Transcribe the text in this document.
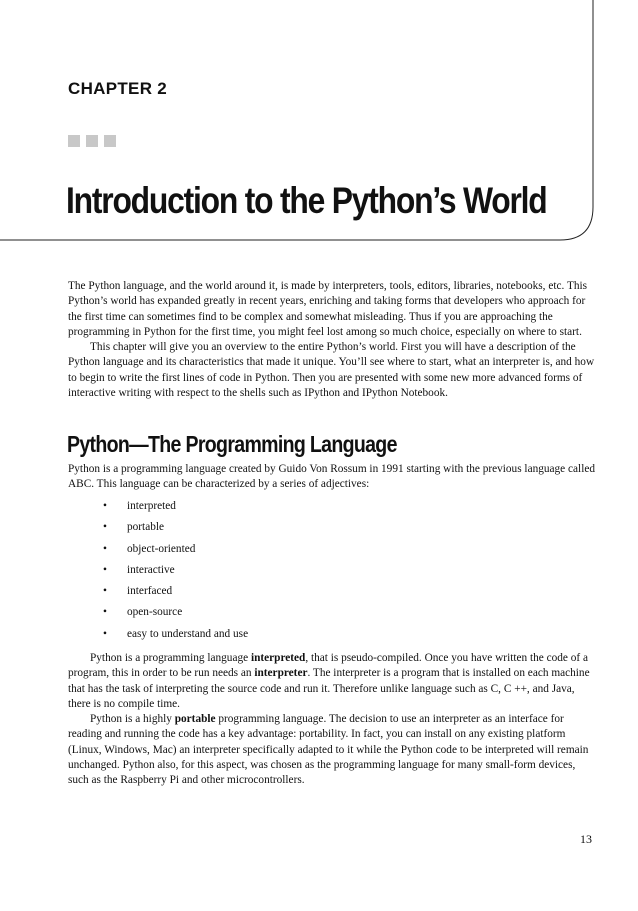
CHAPTER 2
Introduction to the Python’s World

The Python language, and the world around it, is made by interpreters, tools, editors, libraries, notebooks, etc. This Python’s world has expanded greatly in recent years, enriching and taking forms that developers who approach for the first time can sometimes find to be complex and somewhat misleading. Thus if you are approaching the programming in Python for the first time, you might feel lost among so much choice, especially on where to start.

This chapter will give you an overview to the entire Python’s world. First you will have a description of the Python language and its characteristics that made it unique. You’ll see where to start, what an interpreter is, and how to begin to write the first lines of code in Python. Then you are presented with some new more advanced forms of interactive writing with respect to the shells such as IPython and IPython Notebook.

Python—The Programming Language

Python is a programming language created by Guido Von Rossum in 1991 starting with the previous language called ABC. This language can be characterized by a series of adjectives:

• interpreted
• portable
• object-oriented
• interactive
• interfaced
• open-source
• easy to understand and use

Python is a programming language interpreted, that is pseudo-compiled. Once you have written the code of a program, this in order to be run needs an interpreter. The interpreter is a program that is installed on each machine that has the task of interpreting the source code and run it. Therefore unlike language such as C, C ++, and Java, there is no compile time.

Python is a highly portable programming language. The decision to use an interpreter as an interface for reading and running the code has a key advantage: portability. In fact, you can install on any existing platform (Linux, Windows, Mac) an interpreter specifically adapted to it while the Python code to be interpreted will remain unchanged. Python also, for this aspect, was chosen as the programming language for many small-form devices, such as the Raspberry Pi and other microcontrollers.

13
